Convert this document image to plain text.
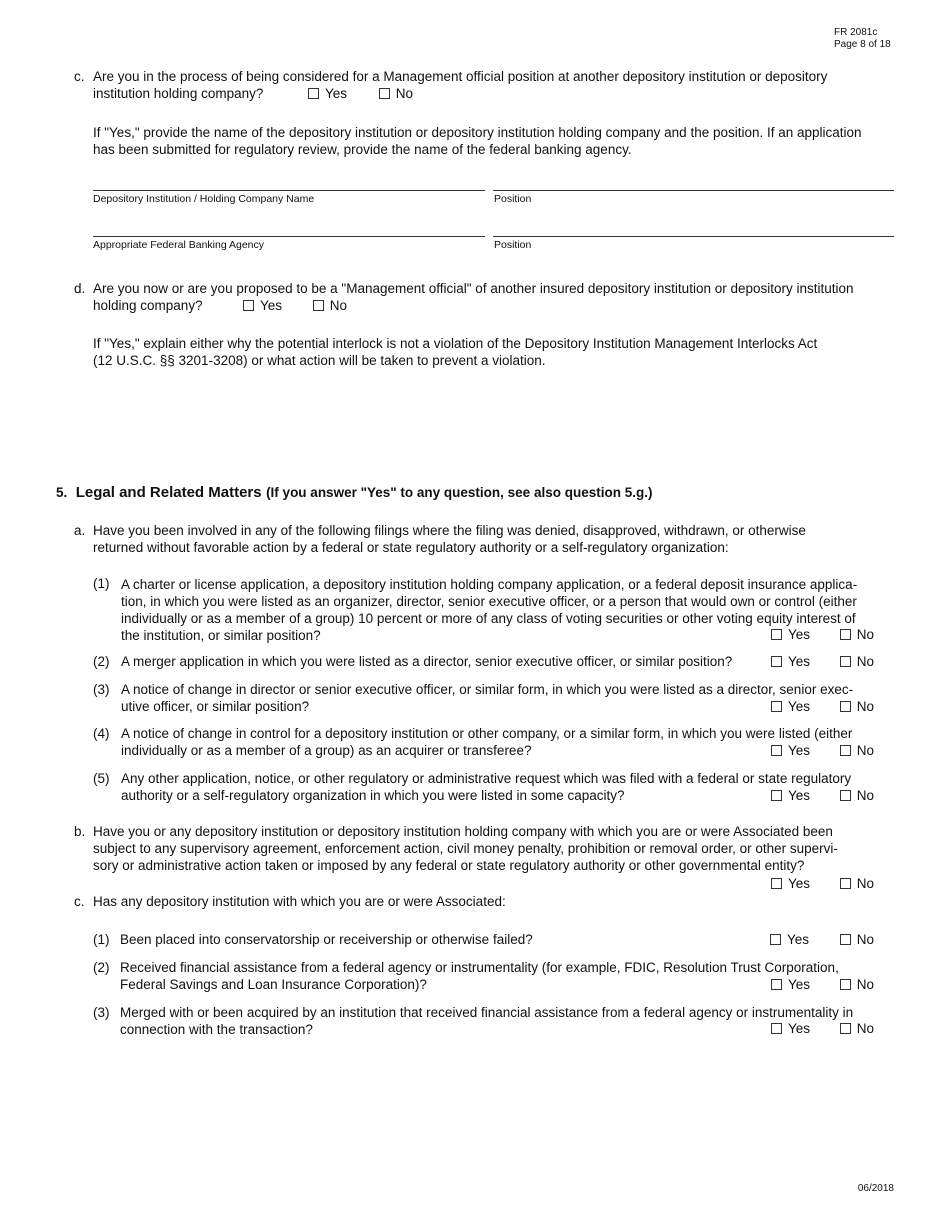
FR 2081c
Page 8 of 18
c. Are you in the process of being considered for a Management official position at another depository institution or depository
institution holding company?	Yes	No
If "Yes," provide the name of the depository institution or depository institution holding company and the position. If an application
has been submitted for regulatory review, provide the name of the federal banking agency.
Depository Institution / Holding Company Name	Position
Appropriate Federal Banking Agency	Position
d. Are you now or are you proposed to be a "Management official" of another insured depository institution or depository institution
holding company?	Yes	No
If "Yes," explain either why the potential interlock is not a violation of the Depository Institution Management Interlocks Act
(12 U.S.C. §§ 3201-3208) or what action will be taken to prevent a violation.
5. Legal and Related Matters (If you answer "Yes" to any question, see also question 5.g.)
a. Have you been involved in any of the following filings where the filing was denied, disapproved, withdrawn, or otherwise
returned without favorable action by a federal or state regulatory authority or a self-regulatory organization:
(1) A charter or license application, a depository institution holding company application, or a federal deposit insurance applica-
tion, in which you were listed as an organizer, director, senior executive officer, or a person that would own or control (either
individually or as a member of a group) 10 percent or more of any class of voting securities or other voting equity interest of
the institution, or similar position?	Yes	No
(2) A merger application in which you were listed as a director, senior executive officer, or similar position?	Yes	No
(3) A notice of change in director or senior executive officer, or similar form, in which you were listed as a director, senior exec-
utive officer, or similar position?	Yes	No
(4) A notice of change in control for a depository institution or other company, or a similar form, in which you were listed (either
individually or as a member of a group) as an acquirer or transferee?	Yes	No
(5) Any other application, notice, or other regulatory or administrative request which was filed with a federal or state regulatory
authority or a self-regulatory organization in which you were listed in some capacity?	Yes	No
b. Have you or any depository institution or depository institution holding company with which you are or were Associated been
subject to any supervisory agreement, enforcement action, civil money penalty, prohibition or removal order, or other supervi-
sory or administrative action taken or imposed by any federal or state regulatory authority or other governmental entity?
Yes	No
c. Has any depository institution with which you are or were Associated:
(1) Been placed into conservatorship or receivership or otherwise failed?	Yes	No
(2) Received financial assistance from a federal agency or instrumentality (for example, FDIC, Resolution Trust Corporation,
Federal Savings and Loan Insurance Corporation)?	Yes	No
(3) Merged with or been acquired by an institution that received financial assistance from a federal agency or instrumentality in
connection with the transaction?	Yes	No
06/2018
